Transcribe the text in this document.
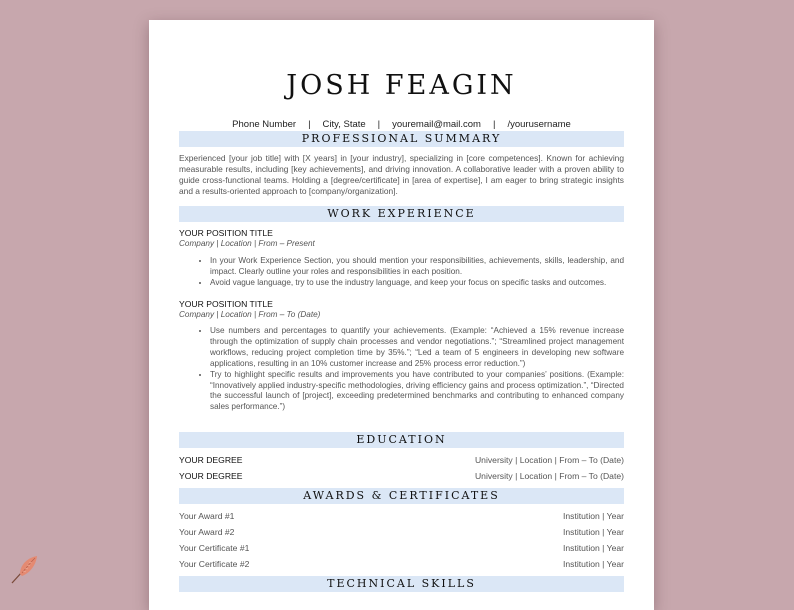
JOSH FEAGIN
Phone Number | City, State | youremail@mail.com | /yourusername
PROFESSIONAL SUMMARY
Experienced [your job title] with [X years] in [your industry], specializing in [core competences]. Known for achieving measurable results, including [key achievements], and driving innovation. A collaborative leader with a proven ability to guide cross-functional teams. Holding a [degree/certificate] in [area of expertise], I am eager to bring strategic insights and a results-oriented approach to [company/organization].
WORK EXPERIENCE
YOUR POSITION TITLE
Company | Location | From – Present
• In your Work Experience Section, you should mention your responsibilities, achievements, skills, leadership, and impact. Clearly outline your roles and responsibilities in each position.
• Avoid vague language, try to use the industry language, and keep your focus on specific tasks and outcomes.
YOUR POSITION TITLE
Company | Location | From – To (Date)
• Use numbers and percentages to quantify your achievements. (Example: “Achieved a 15% revenue increase through the optimization of supply chain processes and vendor negotiations.”; “Streamlined project management workflows, reducing project completion time by 35%.”; “Led a team of 5 engineers in developing new software applications, resulting in an 10% customer increase and 25% process error reduction.”)
• Try to highlight specific results and improvements you have contributed to your companies’ positions. (Example: “Innovatively applied industry-specific methodologies, driving efficiency gains and process optimization.”, “Directed the successful launch of [project], exceeding predetermined benchmarks and contributing to enhanced company sales performance.”)
EDUCATION
YOUR DEGREE	University | Location | From – To (Date)
YOUR DEGREE	University | Location | From – To (Date)
AWARDS & CERTIFICATES
Your Award #1	Institution | Year
Your Award #2	Institution | Year
Your Certificate #1	Institution | Year
Your Certificate #2	Institution | Year
TECHNICAL SKILLS
